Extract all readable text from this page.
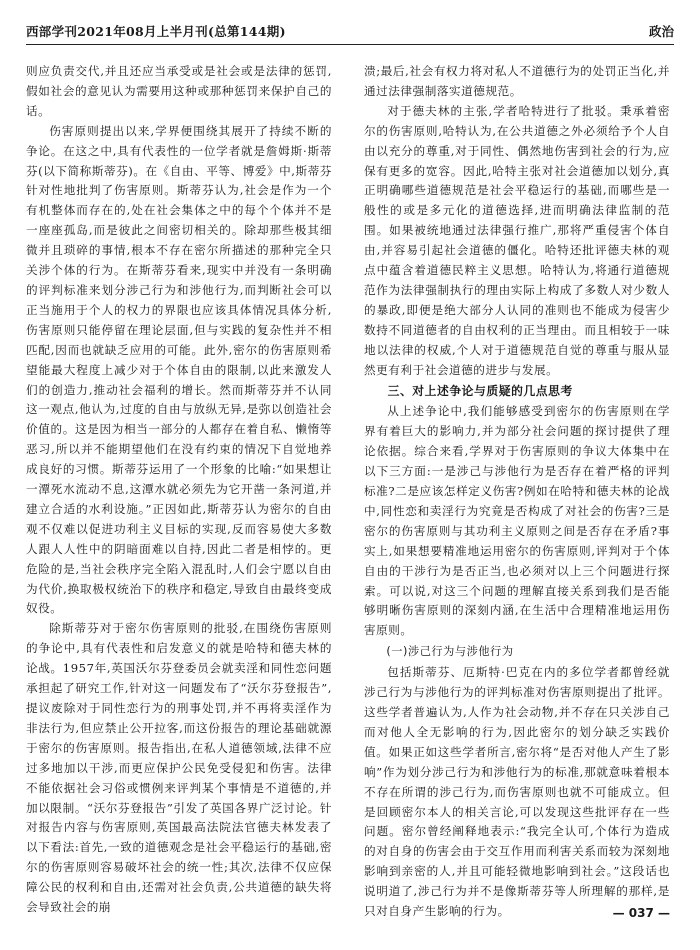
西部学刊2021年08月上半月刊(总第144期)	政治

则应负责交代,并且还应当承受或是社会或是法律的惩罚,假如社会的意见认为需要用这种或那种惩罚来保护自己的话。

伤害原则提出以来,学界便围绕其展开了持续不断的争论。在这之中,具有代表性的一位学者就是詹姆斯·斯蒂芬(以下简称斯蒂芬)。在《自由、平等、博爱》中,斯蒂芬针对性地批判了伤害原则。斯蒂芬认为,社会是作为一个有机整体而存在的,处在社会集体之中的每个个体并不是一座座孤岛,而是彼此之间密切相关的。除却那些极其细微并且琐碎的事情,根本不存在密尔所描述的那种完全只关涉个体的行为。在斯蒂芬看来,现实中并没有一条明确的评判标准来划分涉己行为和涉他行为,而判断社会可以正当施用于个人的权力的界限也应该具体情况具体分析,伤害原则只能停留在理论层面,但与实践的复杂性并不相匹配,因而也就缺乏应用的可能。此外,密尔的伤害原则希望能最大程度上减少对于个体自由的限制,以此来激发人们的创造力,推动社会福利的增长。然而斯蒂芬并不认同这一观点,他认为,过度的自由与放纵无异,是弥以创造社会价值的。这是因为相当一部分的人都存在着自私、懒惰等恶习,所以并不能期望他们在没有约束的情况下自觉地养成良好的习惯。斯蒂芬运用了一个形象的比喻:“如果想让一潭死水流动不息,这潭水就必须先为它开凿一条河道,并建立合适的水利设施。”正因如此,斯蒂芬认为密尔的自由观不仅难以促进功利主义目标的实现,反而容易使大多数人跟人人性中的阴暗面难以自持,因此二者是相悖的。更危险的是,当社会秩序完全陷入混乱时,人们会宁愿以自由为代价,换取极权统治下的秩序和稳定,导致自由最终变成奴役。

除斯蒂芬对于密尔伤害原则的批驳,在围绕伤害原则的争论中,具有代表性和启发意义的就是哈特和德夫林的论战。1957年,英国沃尔芬登委员会就卖淫和同性恋问题承担起了研究工作,针对这一问题发布了“沃尔芬登报告”,提议废除对于同性恋行为的刑事处罚,并不再将卖淫作为非法行为,但应禁止公开拉客,而这份报告的理论基础就源于密尔的伤害原则。报告指出,在私人道德领域,法律不应过多地加以干涉,而更应保护公民免受侵犯和伤害。法律不能依据社会习俗或惯例来评判某个事情是不道德的,并加以限制。“沃尔芬登报告”引发了英国各界广泛讨论。针对报告内容与伤害原则,英国最高法院法官德夫林发表了以下看法:首先,一致的道德观念是社会平稳运行的基础,密尔的伤害原则容易破坏社会的统一性;其次,法律不仅应保障公民的权利和自由,还需对社会负责,公共道德的缺失将会导致社会的崩

溃;最后,社会有权力将对私人不道德行为的处罚正当化,并通过法律强制落实道德规范。

对于德夫林的主张,学者哈特进行了批驳。秉承着密尔的伤害原则,哈特认为,在公共道德之外必须给予个人自由以充分的尊重,对于同性、偶然地伤害到社会的行为,应保有更多的宽容。因此,哈特主张对社会道德加以划分,真正明确哪些道德规范是社会平稳运行的基础,而哪些是一般性的或是多元化的道德选择,进而明确法律监制的范围。如果被统地通过法律强行推广,那将严重侵害个体自由,并容易引起社会道德的僵化。哈特还批评德夫林的观点中蕴含着道德民粹主义思想。哈特认为,将通行道德规范作为法律强制执行的理由实际上构成了多数人对少数人的暴政,即便是绝大部分人认同的准则也不能成为侵害少数持不同道德者的自由权利的正当理由。而且相较于一味地以法律的权威,个人对于道德规范自觉的尊重与服从显然更有利于社会道德的进步与发展。

三、对上述争论与质疑的几点思考

从上述争论中,我们能够感受到密尔的伤害原则在学界有着巨大的影响力,并为部分社会问题的探讨提供了理论依据。综合来看,学界对于伤害原则的争议大体集中在以下三方面:一是涉己与涉他行为是否存在着严格的评判标准?二是应该怎样定义伤害?例如在哈特和德夫林的论战中,同性恋和卖淫行为究竟是否构成了对社会的伤害?三是密尔的伤害原则与其功利主义原则之间是否存在矛盾?事实上,如果想要精准地运用密尔的伤害原则,评判对于个体自由的干涉行为是否正当,也必须对以上三个问题进行探索。可以说,对这三个问题的理解直接关系到我们是否能够明晰伤害原则的深刻内涵,在生活中合理精准地运用伤害原则。

(一)涉己行为与涉他行为

包括斯蒂芬、厄斯特·巴克在内的多位学者都曾经就涉己行为与涉他行为的评判标准对伤害原则提出了批评。这些学者普遍认为,人作为社会动物,并不存在只关涉自己而对他人全无影响的行为,因此密尔的划分缺乏实践价值。如果正如这些学者所言,密尔将“是否对他人产生了影响”作为划分涉己行为和涉他行为的标准,那就意味着根本不存在所谓的涉己行为,而伤害原则也就不可能成立。但是回顾密尔本人的相关言论,可以发现这些批评存在一些问题。密尔曾经阐释地表示:“我完全认可,个体行为造成的对自身的伤害会由于交互作用而利害关系而较为深刻地影响到亲密的人,并且可能轻微地影响到社会。”这段话也说明道了,涉己行为并不是像斯蒂芬等人所理解的那样,是只对自身产生影响的行为。	— 037 —
